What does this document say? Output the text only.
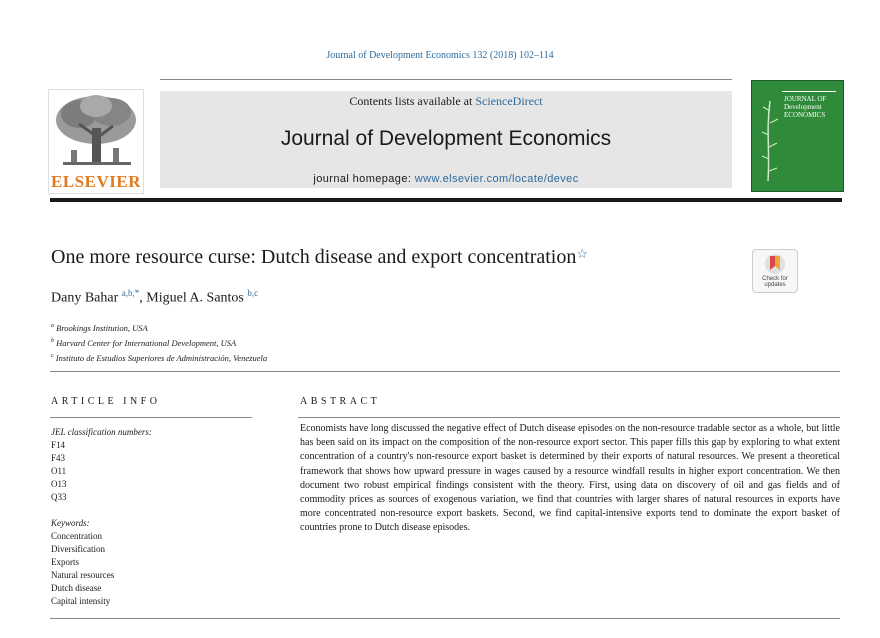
Journal of Development Economics 132 (2018) 102–114
ELSEVIER
Contents lists available at ScienceDirect
Journal of Development Economics
journal homepage: www.elsevier.com/locate/devec
JOURNAL OF Development ECONOMICS
One more resource curse: Dutch disease and export concentration☆
Check for updates
Dany Bahar $^{a,b,*}$, Miguel A. Santos $^{b,c}$
$^a$ Brookings Institution, USA
$^b$ Harvard Center for International Development, USA
$^c$ Instituto de Estudios Superiores de Administración, Venezuela
ARTICLE INFO	ABSTRACT
JEL classification numbers:
F14
F43
O11
O13
Q33
Keywords:
Concentration
Diversification
Exports
Natural resources
Dutch disease
Capital intensity
Economists have long discussed the negative effect of Dutch disease episodes on the non-resource tradable sector as a whole, but little has been said on its impact on the composition of the non-resource export sector. This paper fills this gap by exploring to what extent concentration of a country's non-resource export basket is determined by their exports of natural resources. We present a theoretical framework that shows how upward pressure in wages caused by a resource windfall results in higher export concentration. We then document two robust empirical findings consistent with the theory. First, using data on discovery of oil and gas fields and of commodity prices as sources of exogenous variation, we find that countries with larger shares of natural resources in exports have more concentrated non-resource export baskets. Second, we find capital-intensive exports tend to dominate the export basket of countries prone to Dutch disease episodes.
